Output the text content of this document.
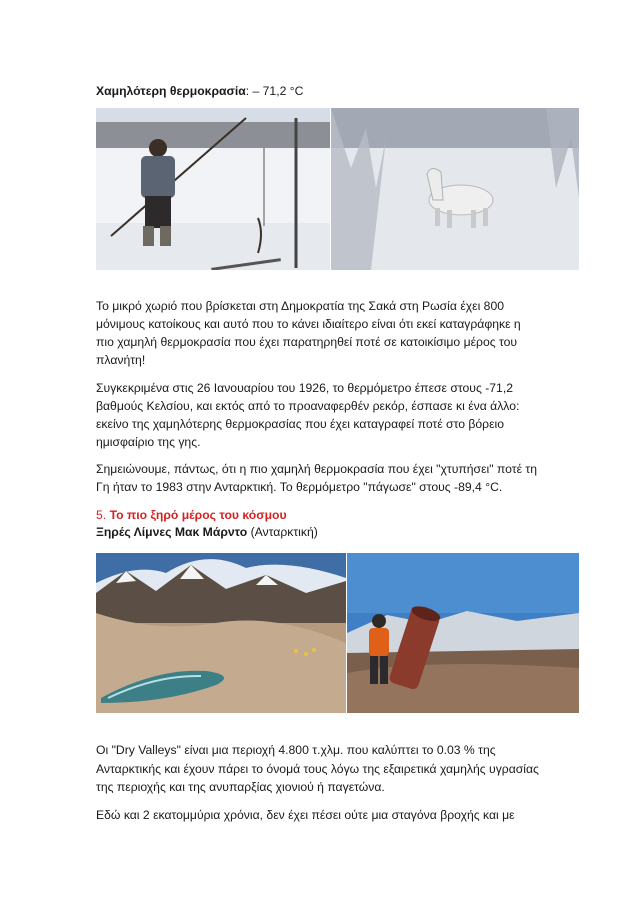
Χαμηλότερη θερμοκρασία: – 71,2 °C
Το μικρό χωριό που βρίσκεται στη Δημοκρατία της Σακά στη Ρωσία έχει 800
μόνιμους κατοίκους και αυτό που το κάνει ιδιαίτερο είναι ότι εκεί καταγράφηκε η
πιο χαμηλή θερμοκρασία που έχει παρατηρηθεί ποτέ σε κατοικίσιμο μέρος του
πλανήτη!
Συγκεκριμένα στις 26 Ιανουαρίου του 1926, το θερμόμετρο έπεσε στους -71,2
βαθμούς Κελσίου, και εκτός από το προαναφερθέν ρεκόρ, έσπασε κι ένα άλλο:
εκείνο της χαμηλότερης θερμοκρασίας που έχει καταγραφεί ποτέ στο βόρειο
ημισφαίριο της γης.
Σημειώνουμε, πάντως, ότι η πιο χαμηλή θερμοκρασία που έχει "χτυπήσει" ποτέ τη
Γη ήταν το 1983 στην Ανταρκτική. Το θερμόμετρο "πάγωσε" στους -89,4 °C.
5. Το πιο ξηρό μέρος του κόσμου
Ξηρές Λίμνες Μακ Μάρντο (Ανταρκτική)
Οι "Dry Valleys" είναι μια περιοχή 4.800 τ.χλμ. που καλύπτει το 0.03 % της
Ανταρκτικής και έχουν πάρει το όνομά τους λόγω της εξαιρετικά χαμηλής υγρασίας
της περιοχής και της ανυπαρξίας χιονιού ή παγετώνα.
Εδώ και 2 εκατομμύρια χρόνια, δεν έχει πέσει ούτε μια σταγόνα βροχής και με
